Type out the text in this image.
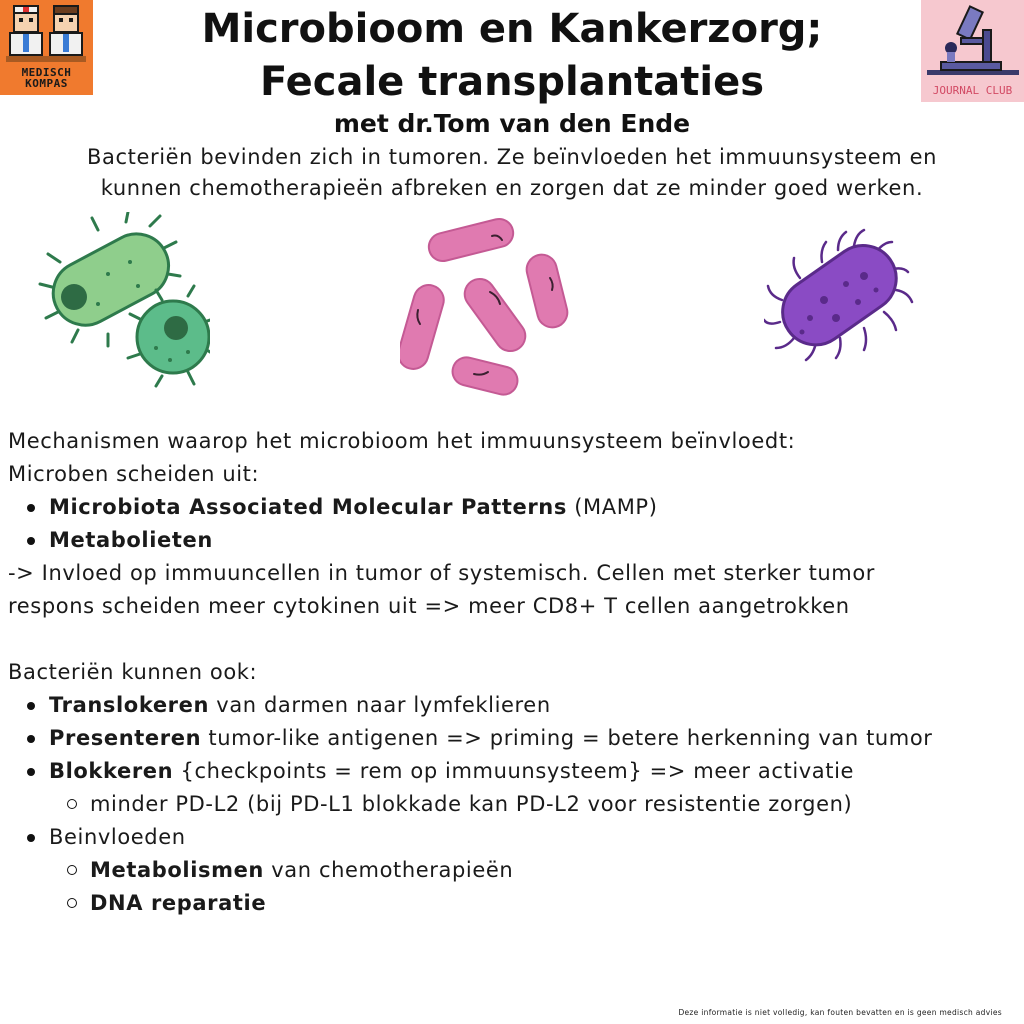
MEDISCH
KOMPAS
JOURNAL CLUB
Microbioom en Kankerzorg;
Fecale transplantaties
met dr.Tom van den Ende
Bacteriën bevinden zich in tumoren. Ze beïnvloeden het immuunsysteem en
kunnen chemotherapieën afbreken en zorgen dat ze minder goed werken.

Mechanismen waarop het microbioom het immuunsysteem beïnvloedt:

Microben scheiden uit:

Microbiota Associated Molecular Patterns (MAMP)
Metabolieten

-> Invloed op immuuncellen in tumor of systemisch. Cellen met sterker tumor

respons scheiden meer cytokinen uit => meer CD8+ T cellen aangetrokken

Bacteriën kunnen ook:

Translokeren van darmen naar lymfeklieren
Presenteren tumor-like antigenen => priming = betere herkenning van tumor
Blokkeren {checkpoints = rem op immuunsysteem} => meer activatie
minder PD-L2 (bij PD-L1 blokkade kan PD-L2 voor resistentie zorgen)
Beinvloeden
Metabolismen van chemotherapieën
DNA reparatie

Deze informatie is niet volledig, kan fouten bevatten en is geen medisch advies
